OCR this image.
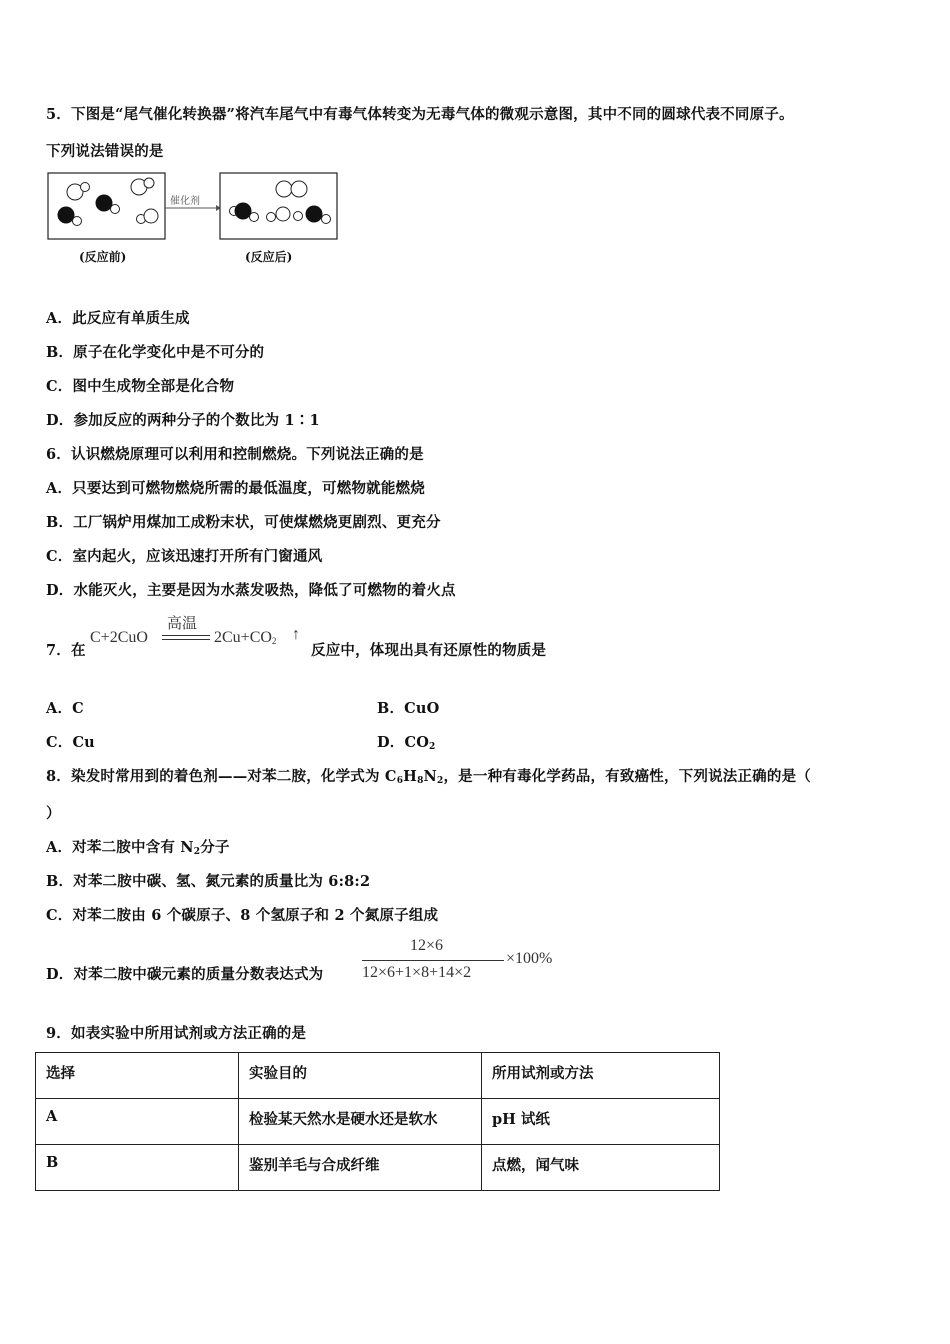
5．下图是“尾气催化转换器”将汽车尾气中有毒气体转变为无毒气体的微观示意图，其中不同的圆球代表不同原子。
下列说法错误的是
催化剂
(反应前)	(反应后)
A．此反应有单质生成
B．原子在化学变化中是不可分的
C．图中生成物全部是化合物
D．参加反应的两种分子的个数比为 1∶1
6．认识燃烧原理可以利用和控制燃烧。下列说法正确的是
A．只要达到可燃物燃烧所需的最低温度，可燃物就能燃烧
B．工厂锅炉用煤加工成粉末状，可使煤燃烧更剧烈、更充分
C．室内起火，应该迅速打开所有门窗通风
D．水能灭火，主要是因为水蒸发吸热，降低了可燃物的着火点
7．在
C+2CuO
高温
$2Cu+CO_2$ ↑
反应中，体现出具有还原性的物质是
A．C	B．CuO
C．Cu	D．$CO_2$
8．染发时常用到的着色剂——对苯二胺，化学式为 $C_6H_8N_2$，是一种有毒化学药品，有致癌性，下列说法正确的是（
）
A．对苯二胺中含有 $N_2$分子
B．对苯二胺中碳、氢、氮元素的质量比为 6:8:2
C．对苯二胺由 6 个碳原子、8 个氢原子和 2 个氮原子组成
D．对苯二胺中碳元素的质量分数表达式为
12×6
12×6+1×8+14×2
×100%
9．如表实验中所用试剂或方法正确的是
选择	实验目的	所用试剂或方法
A	检验某天然水是硬水还是软水	pH 试纸
B	鉴别羊毛与合成纤维	点燃，闻气味
